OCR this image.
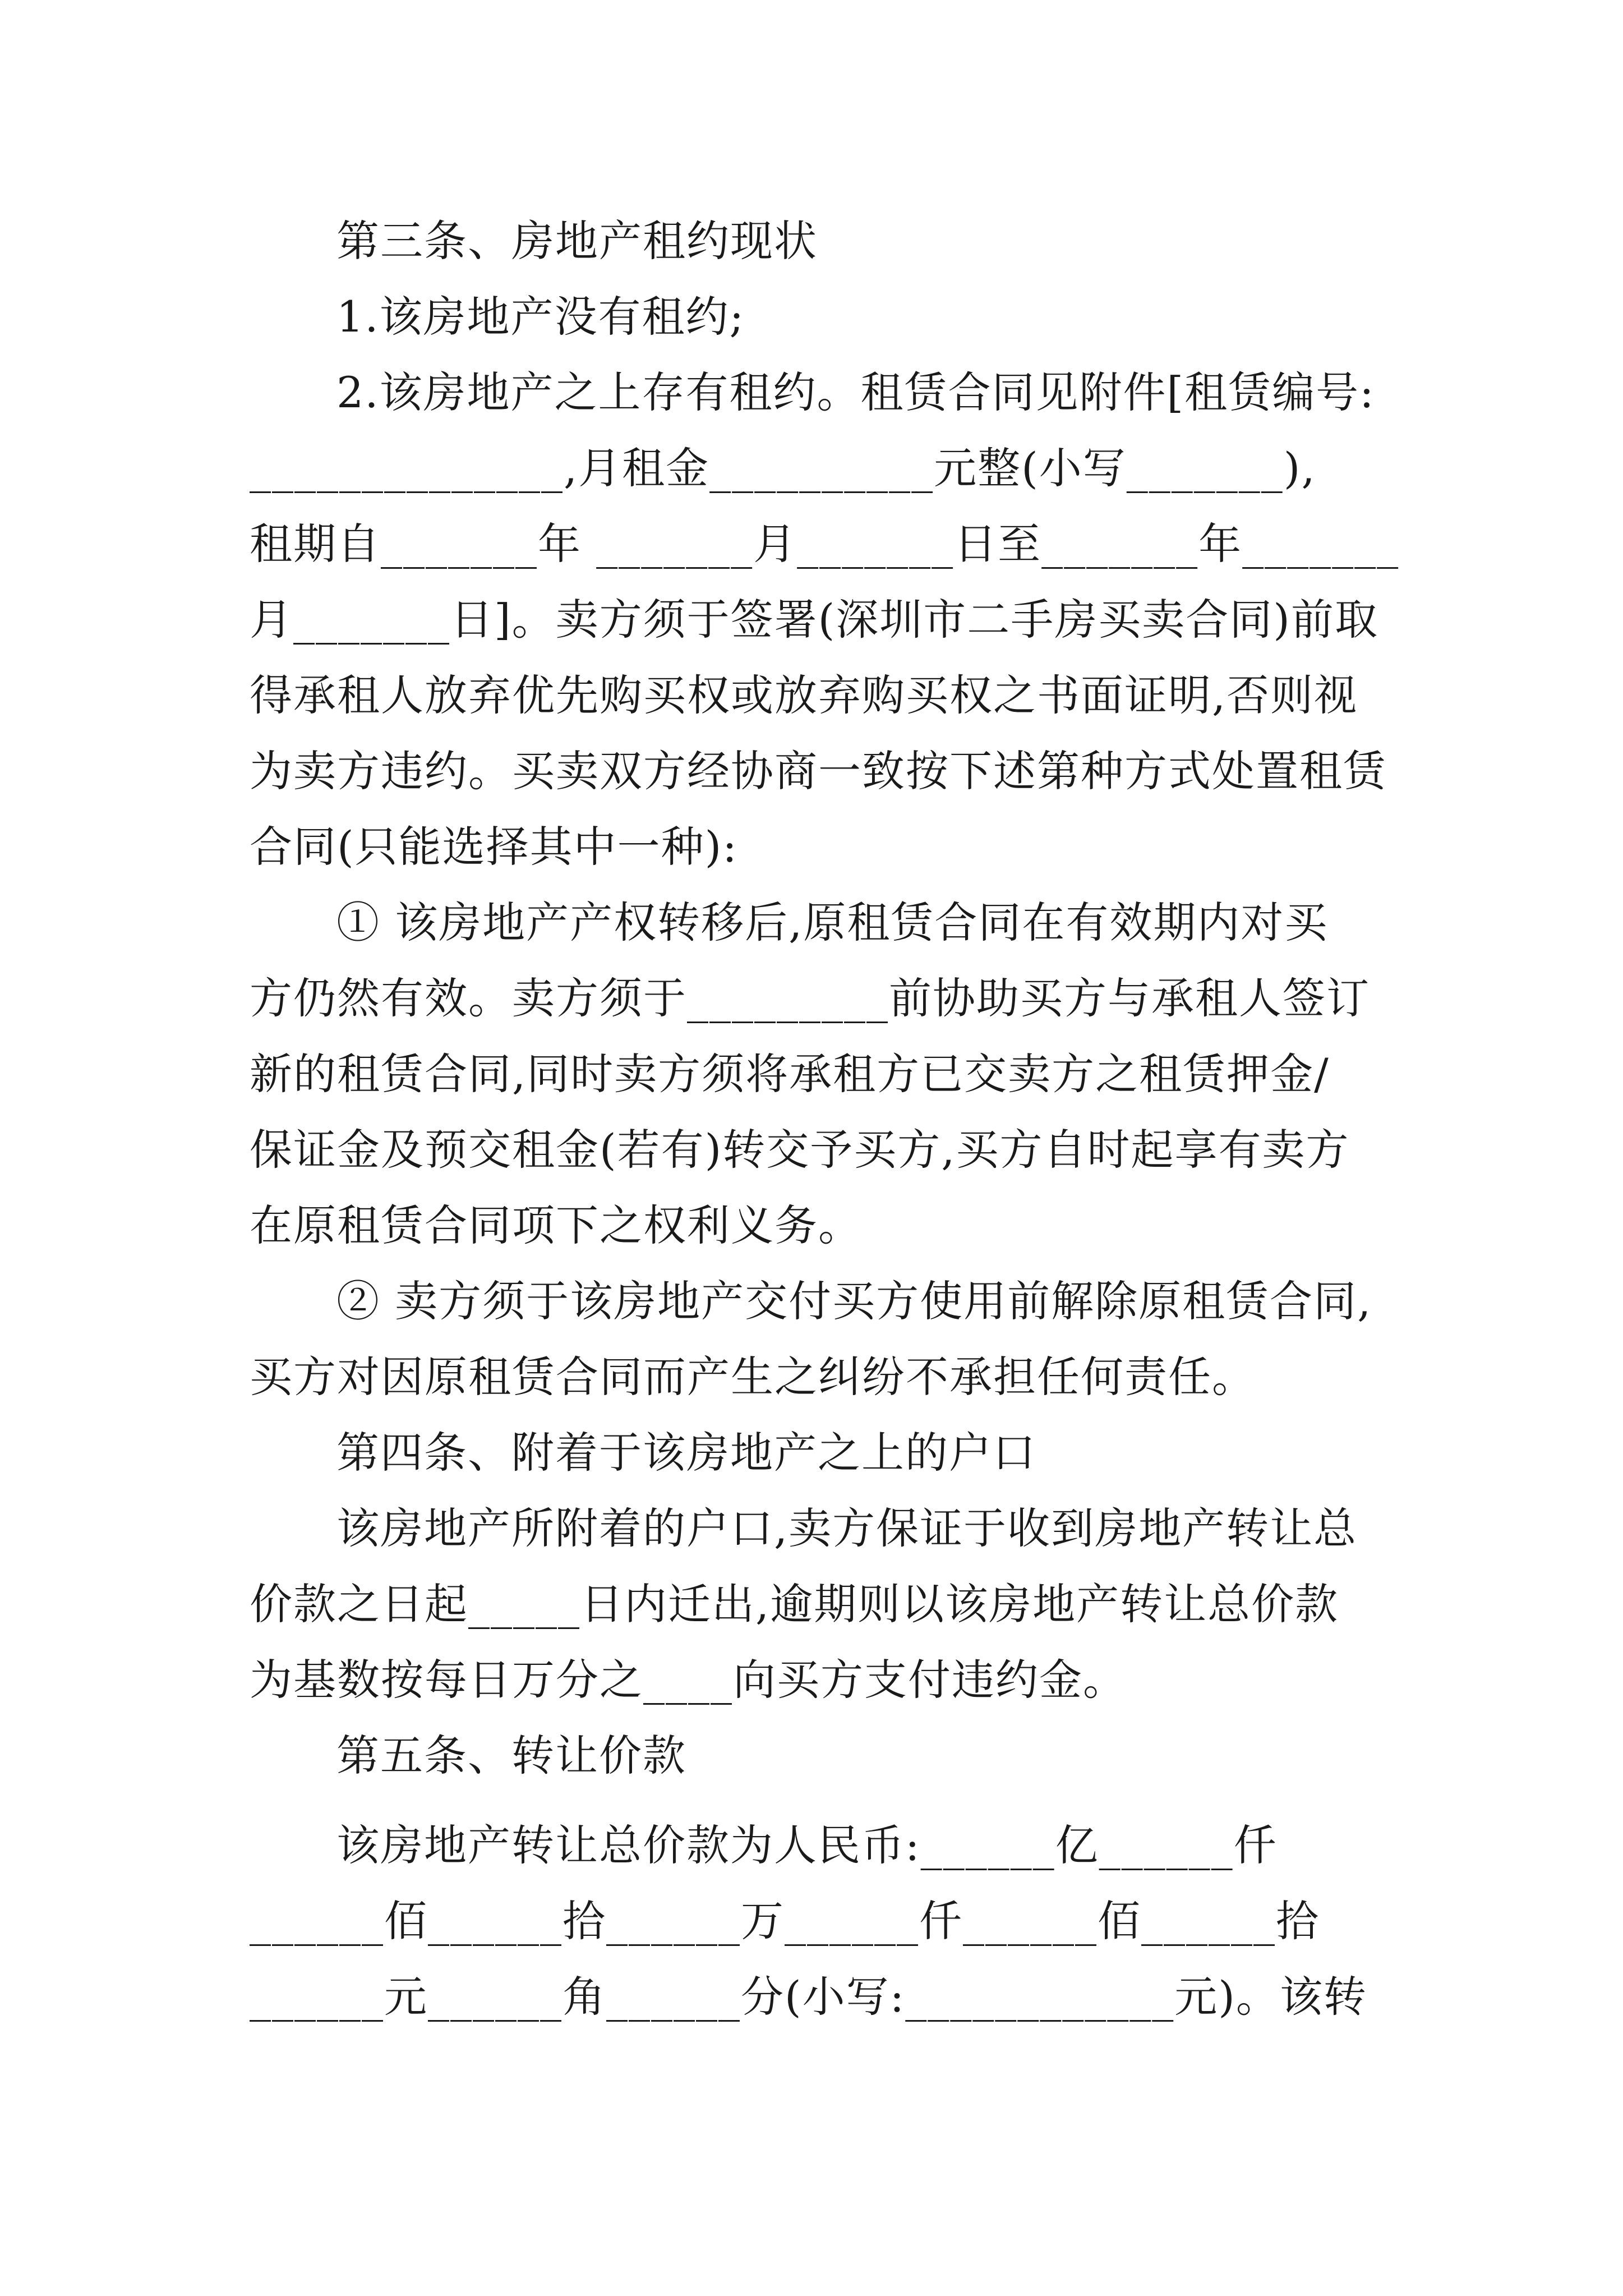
第三条、房地产租约现状
1.该房地产没有租约;
2.该房地产之上存有租约。租赁合同见附件[租赁编号:
______________,月租金__________元整(小写_______),
租期自_______年 _______月_______日至_______年_______
月_______日]。卖方须于签署(深圳市二手房买卖合同)前取
得承租人放弃优先购买权或放弃购买权之书面证明,否则视
为卖方违约。买卖双方经协商一致按下述第种方式处置租赁
合同(只能选择其中一种):
① 该房地产产权转移后,原租赁合同在有效期内对买
方仍然有效。卖方须于_________前协助买方与承租人签订
新的租赁合同,同时卖方须将承租方已交卖方之租赁押金/
保证金及预交租金(若有)转交予买方,买方自时起享有卖方
在原租赁合同项下之权利义务。
② 卖方须于该房地产交付买方使用前解除原租赁合同,
买方对因原租赁合同而产生之纠纷不承担任何责任。
第四条、附着于该房地产之上的户口
该房地产所附着的户口,卖方保证于收到房地产转让总
价款之日起_____日内迁出,逾期则以该房地产转让总价款
为基数按每日万分之____向买方支付违约金。
第五条、转让价款
该房地产转让总价款为人民币:______亿______仟
______佰______拾______万______仟______佰______拾
______元______角______分(小写:____________元)。该转
